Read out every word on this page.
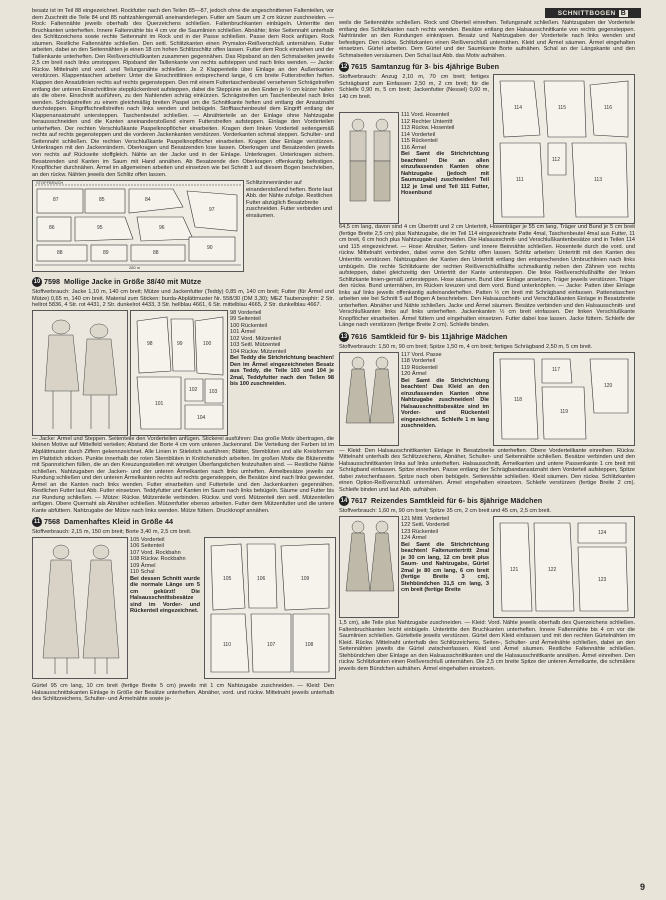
SCHNITTBOGEN B

besatz ist im Teil 88 eingezeichnet. Rockfutter nach den Teilen 85—87, jedoch ohne die angeschnittenen Faltenteilen, vor dem Zuschnitt die Teile 84 und 85 nahtzahlengemäß aneinanderlegen. Futter am Saum um 2 cm kürzer zuschneiden. — Rock: Faltennähte jeweils oberhalb des Querzeichens schließen. Faltenbruchkanten einbügeln. Unterritte den Bruchkanten unterheften. Innere Faltennähte bis 4 cm vor die Saumlinien schließen. Abnähte; linke Seitennaht unterhalb des Schlitzzeichens sowie rechte Seitennaht im Rock und in der Passe schließen. Passe dem Rock anfügen. Rock säumen. Restliche Faltennähte schließen. Den seitl. Schlitzkanten einen Prymalon-Reißverschluß unternähen. Futter arbeiten, dabei an den Seitennähten je einen 18 cm hohen Schlitzschlitz offen lassen. Futter dem Rock einziehen und der Taillenkante unterheften. Den Reißverschlußkanten zusammen gegennähen. Das Ripsband an den Schmalseiten jeweils 2,5 cm breit nach links umstoppen. Ripsband der Taillenkante von rechts aufsteppen und nach links wenden. — Jacke: Rückw. Mittelnaht und vord. und Teilungsnähte schließen. Je 2 Klappenteile über Einlage an den Außenkanten verstürzen. Klappentaschen arbeiten: Unter die Einschnittlinien entsprechend lange, 6 cm breite Futterstreifen heften. Klappen den Ansatzlinien rechts auf rechts gegensteppen. Den mit einem Futtertaschenbeutel versehenen Schrägstreifen entlang der unteren Einschnittlinie stepplückenbreit aufsteppen, dabei die Steppünie an den Enden je ½ cm kürzer halten als die obere. Einschnitt ausführen, zu den Nahtenden schräg einkürzen. Schrägstreifen um Taschenbeutel nach links wenden. Schrägstreifen zu einem gleichmäßig breiten Paspel um die Schnittkante heften und entlang der Ansatznaht durchsteppen. Eingriffschnellstreifen nach links wenden und bebügeln. Stofftaschenbeutel dem Eingriff entlang der Klappenansatznaht untersteppen. Taschenbeutel schließen. — Abnähterteile an der Einlage ohne Nahtzugabe heraussschneiden und die Kanten aneinanderstoßend einem Futterstreifen aufsteppen. Einlage den Vorderteilen unterheften. Der rechten Verschlußkante Paspelknopflöcher einarbeiten. Kragen dem linken Vorderteil seitengemäß rechts auf rechts gegensteppen und die vorderen Jackenkanten verstürzen. Vorderkanten schmal steppen. Schulter- und Seitennaht schließen. Die rechten Verschlußkante Paspelknopflöcher einarbeiten. Kragen über Einlage verstürzen. Unterkragen mit den Jackenrändern. Oberkragen und Besatzenden lose lassen. Oberkragen und Besatzenden jeweils von rechts auf Rückseite stoffgleich. Nähte an der Jacke und in der Einlage. Unterkragen. Unterkragen sichern. Besatzenden und Kanten im Saum mit Hand annähen. Ab Besatzende den Oberkragen offenkantig befestigen. Knopflöcher durchnähen. Ärmel im allgemeinen arbeiten und einsetzen wie bei Schnitt 1 auf diesem Bogen beschrieben, an den rückw. Nähten jeweils den Schlitz offen lassen.

STOFFBRUCH
87	85	84
86	95	96
88	89
97
88
90
280 m
Schlitzinnenränder auf einanderstoßend heften. Borte laut Abb. der Nähte zufolge. Restlichen Futter abzüglich Besatzbreite zuschneiden. Futter verbinden und einsäumen.
10 7598 Mollige Jacke in Größe 38/40 mit Mütze

Stoffverbrauch: Jacke 1,10 m, 140 cm breit; Mütze und Jackenfutter (Teddy) 0,85 m, 140 cm breit; Futter (für Ärmel und Mütze) 0,65 m, 140 cm breit. Material zum Sticken: burda-Abplättmuster Nr. 558/30 (DM 3,30); MEZ Taubenzephir: 2 Str. hellrot 5836, 4 Str. rot 4431, 2 Str. dunkelrot 4433, 3 Str. hellblau 4661, 6 Str. mittelblau 4665, 2 Str. dunkelblau 4667.

98	99	100
101
102 103
104
98 Vorderteil
99 Seitenteil
100 Rückenteil
101 Ärmel
102 Vord. Mützenteil
103 Seitl. Mützenteil
104 Rückw. Mützenteil
Bei Teddy die Strichrichtung beachten! Den im Ärmel eingezeichneten Besatz aus Teddy, die Teile 103 und 104 je 2mal, Teddyfutter nach den Teilen 98 bis 100 zuschneiden.

— Jacke: Ärmel und Steppen. Seitenteile den Vorderteilen anfügen. Stickerei ausführen: Das große Motiv übertragen, die kleinen Motive auf Mittelfeld verteilen; Abstand der Borte 4 cm vom unteren Jackenrand. Die Verteilung der Farben ist im Abplättmuster durch Ziffern gekennzeichnet. Alle Linien in Stielstich ausführen; Blätter, Stemblüten und alle Kreisformen im Plattstich sticken. Punkte innerhalb der roten Sternblüten in Knötchenstich arbeiten. Im großen Motiv die Blütenmitte mit Spannstichen füllen, die an den Kreuzungsstellen mit winzigen Überfangstichen festzuhalten sind. — Restliche Nähte schließen. Nahtzugaben der Jacken- und der unteren Ärmelkanten nach links umheften. Ärmelbesätze jeweils zur Rundung schließen und den unteren Ärmelkanten rechts auf rechts gegensteppen, die Besätze sind nach links gewendet. Ärmel an die Kanten nach links wenden. Futter einarbeiten und Futterteile und den Jackenkanten gegennähen. Restlichen Futter laut Abb. Futter einsetzen. Teddyfutter und Kanten im Saum nach links bebügeln. Säume und Futter bis zur Rundung schließen. — Mütze: Rückw. Mützenteile verbinden. Rückw. und vord. Mützenteil den seitl. Mützenteilen anfügen. Obere Quernaht als Abnäher schließen. Mützenfutter ebenso arbeiten. Futter dem Mützenfutter und die untere Kante abfüttern. Nahtzugabe der Mütze nach links wenden. Mütze füttern. Druckknopf annähen.

11 7568 Damenhaftes Kleid in Größe 44

Stoffverbrauch: 2,15 m, 150 cm breit; Borte 3,40 m, 2,5 cm breit.

105 Vorderteil
106 Seitenteil
107 Vord. Rockbahn
108 Rückw. Rockbahn
109 Ärmel
110 Schal
Bei dessen Schnitt wurde die normale Länge um 5 cm gekürzt! Die Halsausschnittsbesätze sind im Vorder- und Rückenteil eingezeichnet.
105	106
107	108
109
110

Gürtel 95 cm lang, 10 cm breit (fertige Breite 5 cm) jeweils mit 1 cm Nahtzugabe zuschneiden. — Kleid: Den Halsausschnittskanten Einlage in Größe der Besätze unterheften. Abnäher, vord. und rückw. Mittelnaht jeweils unterhalb des Schlitzzeichens, Schulter- und Ärmelnähte sowie je-

weils die Seitennähte schließen. Rock und Oberteil einreihen. Teilungsnaht schließen. Nahtzugaben der Vorderteile entlang des Schlitzkanten nach rechts wenden. Besätze entlang den Halsausschnittkante von rechts gegensteppen. Nahtränder an den Rundungen einknipsen. Besatz und Nahtzugaben der Vorderteile nach links wenden und befestigen. Den rückw. Schlitzkanten einen Reißverschluß unternähen. Kleid und Ärmel säumen. Ärmel eingehalten einsetzen. Gürtel arbeiten. Dem Gürtel und der Saumkante Borte aufnähen. Schal an der Längskante und den Schmalseiten versäumen. Den Schal laut Abb. das Motiv aufnähen.

12 7615 Samtanzug für 3- bis 4jährige Buben
Stoffverbrauch: Anzug 2,10 m, 70 cm breit; fertiges Schrägband zum Einfassen 2,50 m, 2 cm breit; für die Schleife 0,90 m, 5 cm breit; Jackenfutter (Nessel) 0,60 m, 140 cm breit.
111 Vord. Hosenteil
112 Rechter Unterritt
113 Rückw. Hosenteil
114 Vorderteil
115 Rückenteil
116 Ärmel
Bei Samt die Strichrichtung beachten! Die an allen einzufassenden Kanten ohne Nahtzugabe (jedoch mit Saumzugabe) zuschneiden! Teil 112 je 1mal und Teil 111 Futter, Hosenbund
114	115	116
111
112
113

64,5 cm lang, davon sind 4 cm Übertritt und 2 cm Untertritt, Hosenträger je 55 cm lang, Träger und Bund je 5 cm breit (fertige Breite 2,5 cm) plus Nahtzugabe, die im Teil 114 eingezeichnete Patte 4mal, Taschenbeutel 4mal aus Futter, 11 cm breit, 6 cm hoch plus Nahtzugabe zuschneiden. Die Halsausschnitt- und Verschlußkantenbesätze sind in Teilen 114 und 115 eingezeichnet. — Hose: Abnäher, Seiten- und innere Beinnähte schließen. Hosenteile durch die vord. und rückw. Mittelnaht verbinden, dabei vorne den Schlitz offen lassen. Schlitz arbeiten: Untertritt mit den Kanten des Unterritts verstürzen. Nahtzugaben der Kanten den Untertritt entlang den entsprechenden Umbruchlinien nach links umbügeln. Die rechte Schlitzkante der rechten Reißverschlußhälfte schmalkantig neben den Zähnen von rechts aufsteppen, dabei gleichzeitig den Untertritt der Kante untersteppen. Die linke Reißverschlußhälfte der linken Schlitzkante linien-gemäß untersteppen. Hose säumen. Bund über Einlage ansetzen, Träger jeweils verstürzen. Träger den rückw. Bund unternähen, im Rücken kreuzen und dem vord. Bund unterknöpfen. — Jacke: Patten über Einlage links auf links jeweils offenkantig aufeinanderheften. Patten ½ cm breit mit Schrägband einfassen. Pattenstaschen arbeiten wie bei Schnitt 5 auf Bogen A beschrieben. Den Halsausschnitt- und Verschlußkanten Einlage in Besatzbreite unterheften. Abnäher und Nähte schließen. Jacke und Ärmel säumen. Besätze verbinden und den Halsausschnitt- und Verschlußkanten links auf links unterheften. Jackenkanten ½ cm breit einfassen. Der linken Verschlußkante Knopflöcher einarbeiten. Ärmel füttern und eingehalten einsetzen. Futter dabei lose lassen. Jacke füttern. Schleife der Länge nach verstürzen (fertige Breite 2 cm). Schleife binden.

13 7616 Samtkleid für 9- bis 11jährige Mädchen

Stoffverbrauch: 1,50 m, 90 cm breit; Spitze 1,50 m, 4 cm breit; fertiges Schrägband 2,50 m, 5 cm breit.

117 Vord. Passe
118 Vorderteil
119 Rückenteil
120 Ärmel
Bei Samt die Strichrichtung beachten! Das Kleid an den einzufassenden Kanten ohne Nahtzugabe zuschneiden! Die Halsausschnittsbesätze sind im Vorder- und Rückenteil eingezeichnet. Schleife 1 m lang zuschneiden.
117
118
119
120

— Kleid: Den Halsausschnittkanten Einlage in Besatzbreite unterheften. Obere Vorderteilkante einreihen. Rückw. Mittelnaht unterhalb des Schlitzzeichens, Abnäher, Schulter- und Seitennähte schließen. Besätze verbinden und den Halsausschnittkanten links auf links unterheften. Halsausschnitt, Ärmelkanten und untere Passenkante 1 cm breit mit Schrägband einfassen. Spitze einreihen. Passe entlang der Schrägbandansatznaht dem Vorderteil aufsteppen, Spitze dabei zwischenfassen. Spitze nach oben bebügeln. Seitennähte schließen. Kleid säumen. Den rückw. Schlitzkanten einen Option-Reißverschluß unternähen. Ärmel eingehalten einsetzen. Schleife verstürzen (fertige Breite 2 cm). Schleife binden und laut Abb. aufnähen.

14 7617 Reizendes Samtkleid für 6- bis 8jährige Mädchen

Stoffverbrauch: 1,60 m, 90 cm breit; Spitze 35 cm, 2 cm breit und 45 cm, 2,5 cm breit.

121 Mittl. Vorderteil
122 Seitl. Vorderteil
123 Rückenteil
124 Ärmel
Bei Samt die Strichrichtung beachten! Faltenuntertritt 2mal je 30 cm lang, 12 cm breit plus Saum- und Nahtzugabe, Gürtel 2mal je 80 cm lang, 6 cm breit (fertige Breite 3 cm), Stehbündchen 31,5 cm lang, 3 cm breit (fertige Breite
121	122
123
124

1,5 cm), alle Teile plus Nahtzugabe zuschneiden. — Kleid: Vord. Nähte jeweils oberhalb des Querzeichens schließen. Faltenbruchkanten leicht einbügeln. Untertritte den Bruchkanten unterheften. Innere Faltennähte bis 4 cm vor die Saumlinien schließen. Gürtelteile jeweils verstürzen. Gürtel dem Kleid einfassen und mit den rechten Gürtelnähten im Kleid. Rückw. Mittelnaht unterhalb des Schlitzzeichens, Seiten-, Schulter- und Ärmelnähte schließen, dabei an den Seitennähten jeweils die Gürtel zwischenfassen. Kleid und Ärmel säumen. Restliche Faltennähte schließen. Stehbündchen über Einlage an den Halsausschnittkanten und die Halsausschnittkante annähen. Ärmel einreihen. Den rückw. Schlitzkanten einen Reißverschluß unternähen. Die 2,5 cm breite Spitze der unteren Ärmelkante, die schmälere jeweils dem Bündchen aufnähen. Ärmel eingehalten einsetzen.

9
